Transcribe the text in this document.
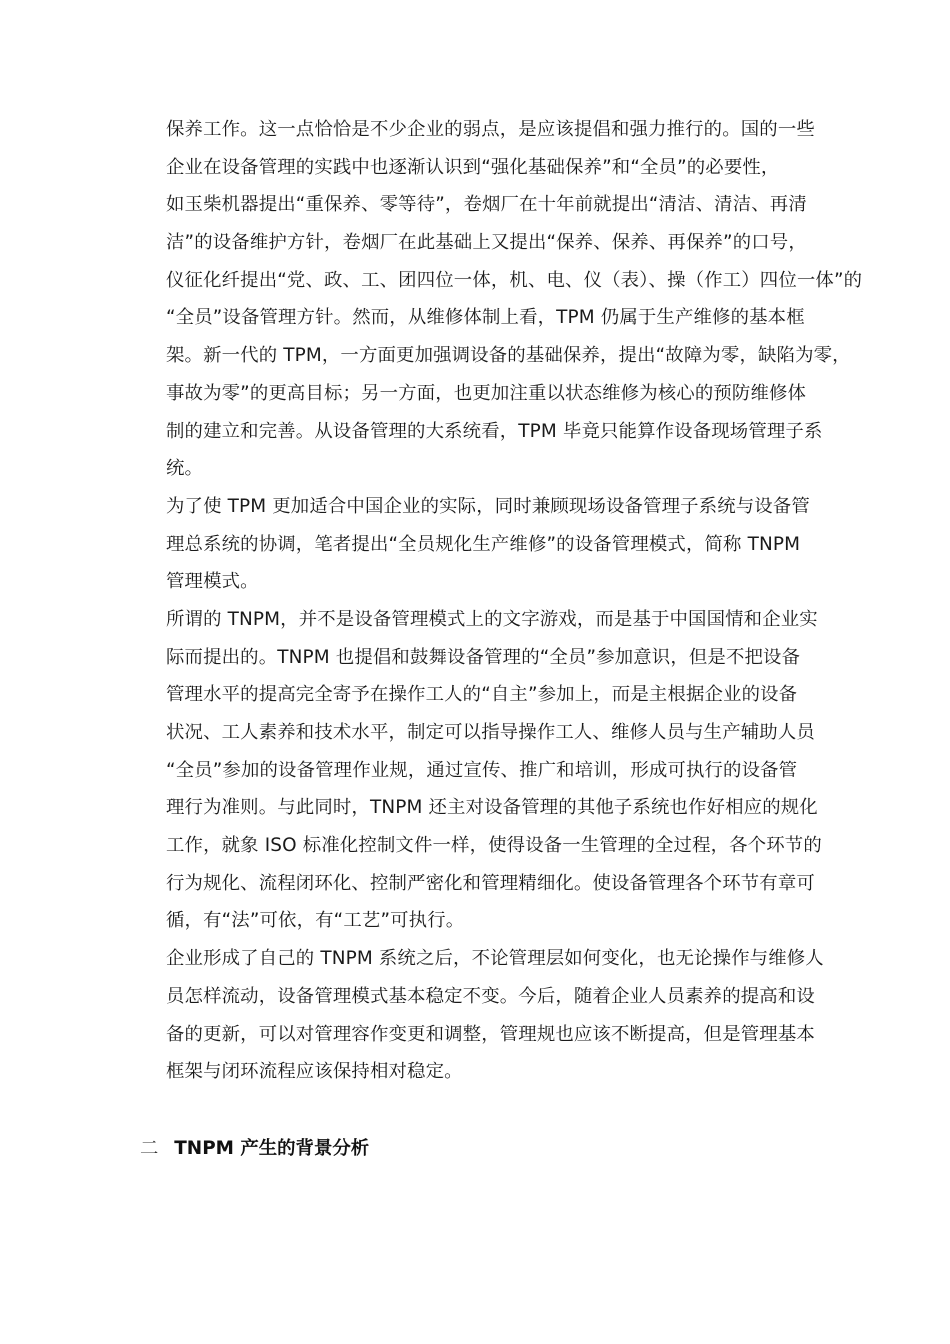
保养工作。这一点恰恰是不少企业的弱点，是应该提倡和强力推行的。国的一些
企业在设备管理的实践中也逐渐认识到“强化基础保养”和“全员”的必要性，
如玉柴机器提出“重保养、零等待”，卷烟厂在十年前就提出“清洁、清洁、再清
洁”的设备维护方针，卷烟厂在此基础上又提出“保养、保养、再保养”的口号，
仪征化纤提出“党、政、工、团四位一体，机、电、仪（表）、操（作工）四位一体”的
“全员”设备管理方针。然而，从维修体制上看，TPM 仍属于生产维修的基本框
架。新一代的 TPM，一方面更加强调设备的基础保养，提出“故障为零，缺陷为零，
事故为零”的更高目标；另一方面，也更加注重以状态维修为核心的预防维修体
制的建立和完善。从设备管理的大系统看，TPM 毕竟只能算作设备现场管理子系
统。
为了使 TPM 更加适合中国企业的实际，同时兼顾现场设备管理子系统与设备管
理总系统的协调，笔者提出“全员规化生产维修”的设备管理模式，简称 TNPM
管理模式。
所谓的 TNPM，并不是设备管理模式上的文字游戏，而是基于中国国情和企业实
际而提出的。TNPM 也提倡和鼓舞设备管理的“全员”参加意识，但是不把设备
管理水平的提高完全寄予在操作工人的“自主”参加上，而是主根据企业的设备
状况、工人素养和技术水平，制定可以指导操作工人、维修人员与生产辅助人员
“全员”参加的设备管理作业规，通过宣传、推广和培训，形成可执行的设备管
理行为准则。与此同时，TNPM 还主对设备管理的其他子系统也作好相应的规化
工作，就象 ISO 标准化控制文件一样，使得设备一生管理的全过程，各个环节的
行为规化、流程闭环化、控制严密化和管理精细化。使设备管理各个环节有章可
循，有“法”可依，有“工艺”可执行。
企业形成了自己的 TNPM 系统之后，不论管理层如何变化，也无论操作与维修人
员怎样流动，设备管理模式基本稳定不变。今后，随着企业人员素养的提高和设
备的更新，可以对管理容作变更和调整，管理规也应该不断提高，但是管理基本
框架与闭环流程应该保持相对稳定。
二 TNPM 产生的背景分析
